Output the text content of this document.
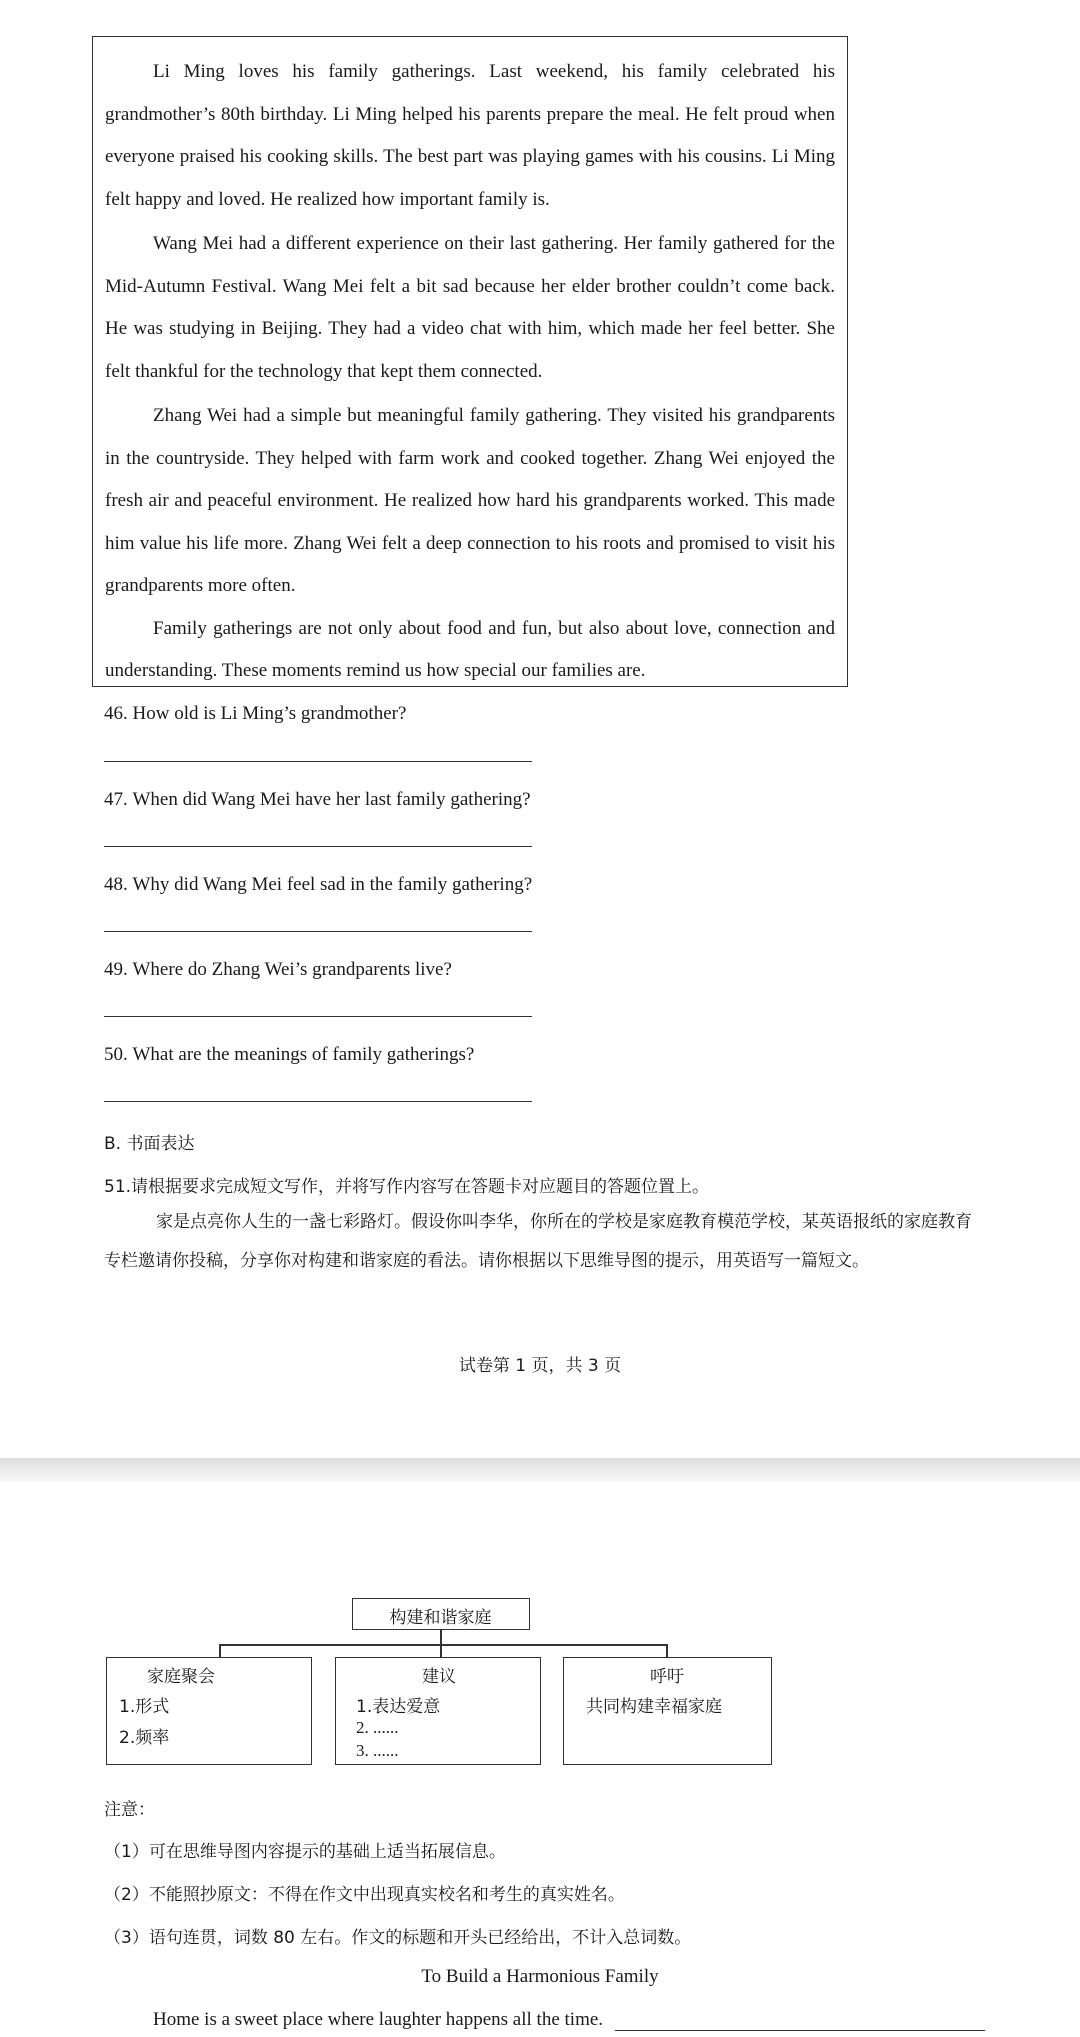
Li Ming loves his family gatherings. Last weekend, his family celebrated his grandmother’s 80th birthday. Li Ming helped his parents prepare the meal. He felt proud when everyone praised his cooking skills. The best part was playing games with his cousins. Li Ming felt happy and loved. He realized how important family is.

Wang Mei had a different experience on their last gathering. Her family gathered for the Mid-Autumn Festival. Wang Mei felt a bit sad because her elder brother couldn’t come back. He was studying in Beijing. They had a video chat with him, which made her feel better. She felt thankful for the technology that kept them connected.

Zhang Wei had a simple but meaningful family gathering. They visited his grandparents in the countryside. They helped with farm work and cooked together. Zhang Wei enjoyed the fresh air and peaceful environment. He realized how hard his grandparents worked. This made him value his life more. Zhang Wei felt a deep connection to his roots and promised to visit his grandparents more often.

Family gatherings are not only about food and fun, but also about love, connection and understanding. These moments remind us how special our families are.

46. How old is Li Ming’s grandmother?
47. When did Wang Mei have her last family gathering?
48. Why did Wang Mei feel sad in the family gathering?
49. Where do Zhang Wei’s grandparents live?
50. What are the meanings of family gatherings?
B. 书面表达
51.请根据要求完成短文写作，并将写作内容写在答题卡对应题目的答题位置上。
家是点亮你人生的一盏七彩路灯。假设你叫李华，你所在的学校是家庭教育模范学校，某英语报纸的家庭教育专栏邀请你投稿，分享你对构建和谐家庭的看法。请你根据以下思维导图的提示，用英语写一篇短文。
试卷第 1 页，共 3 页
构建和谐家庭
家庭聚会
1.形式
2.频率
建议
1.表达爱意
2. ......
3. ......
呼吁
共同构建幸福家庭
注意：
（1）可在思维导图内容提示的基础上适当拓展信息。
（2）不能照抄原文：不得在作文中出现真实校名和考生的真实姓名。
（3）语句连贯，词数 80 左右。作文的标题和开头已经给出，不计入总词数。
To Build a Harmonious Family
Home is a sweet place where laughter happens all the time.
